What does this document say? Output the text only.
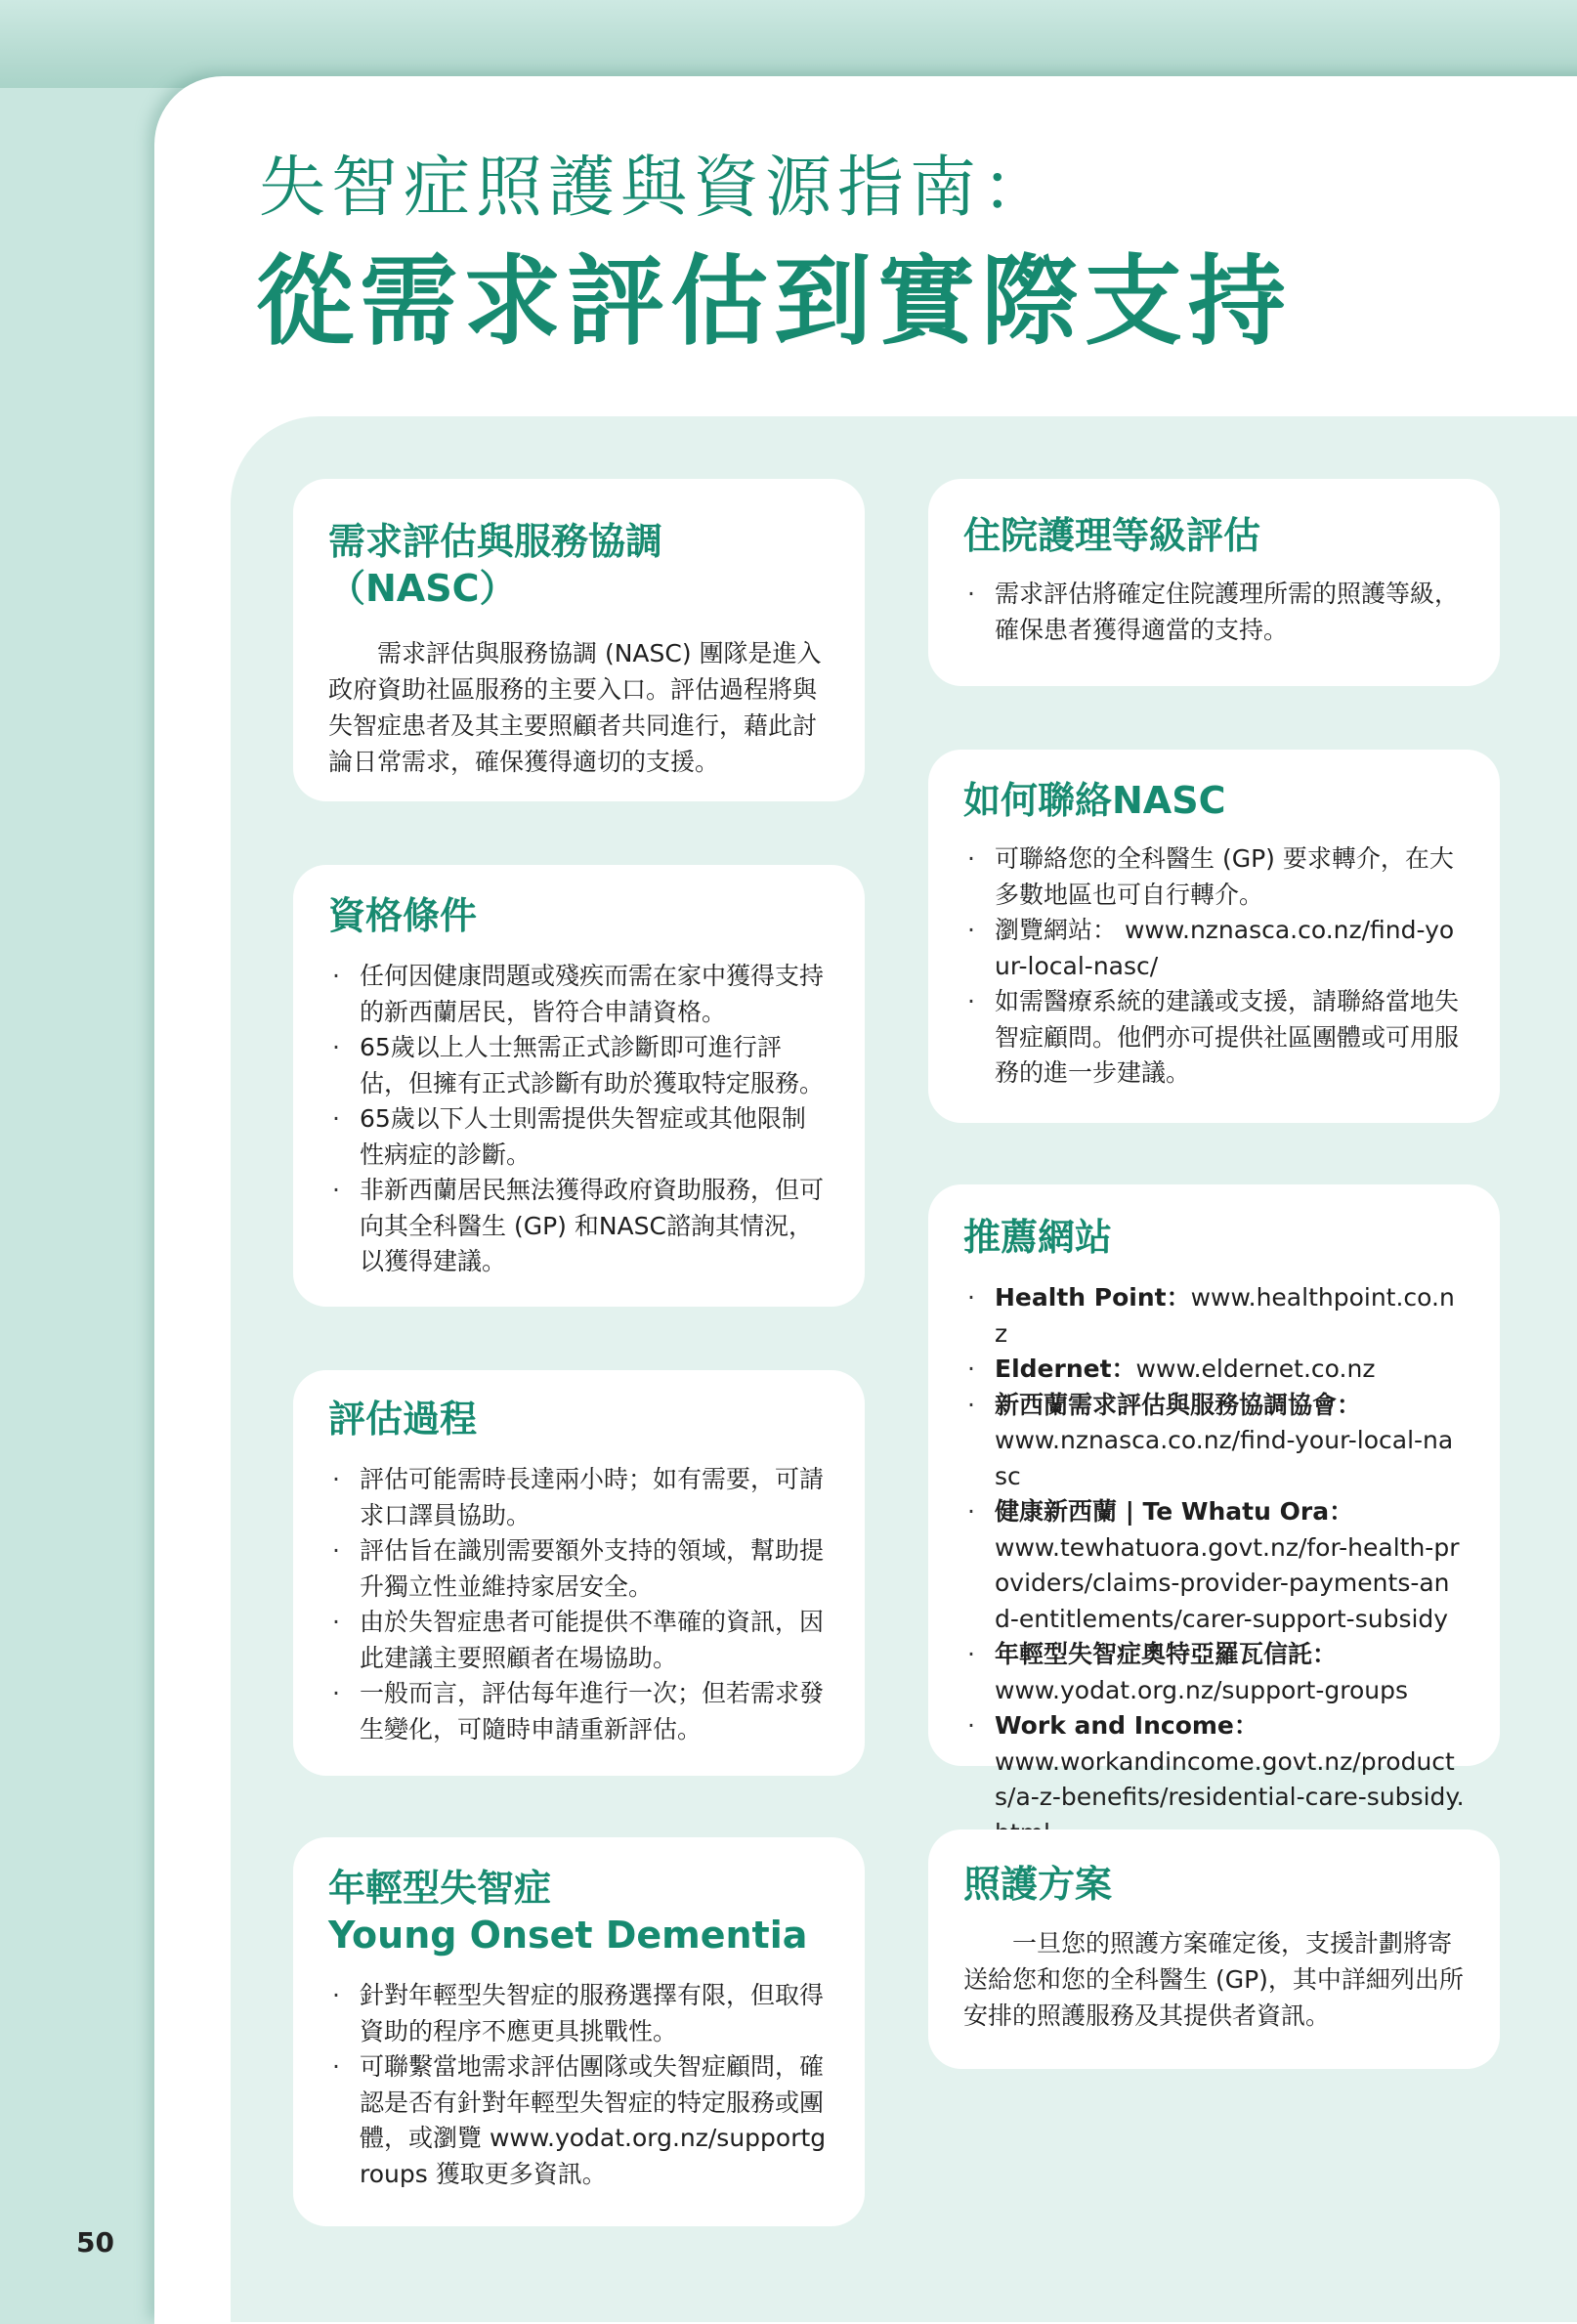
失智症照護與資源指南：
從需求評估到實際支持
需求評估與服務協調
（NASC）

需求評估與服務協調 (NASC) 團隊是進入政府資助社區服務的主要入口。評估過程將與失智症患者及其主要照顧者共同進行，藉此討論日常需求，確保獲得適切的支援。

資格條件
· 任何因健康問題或殘疾而需在家中獲得支持的新西蘭居民，皆符合申請資格。
· 65歲以上人士無需正式診斷即可進行評估，但擁有正式診斷有助於獲取特定服務。
· 65歲以下人士則需提供失智症或其他限制性病症的診斷。
· 非新西蘭居民無法獲得政府資助服務，但可向其全科醫生 (GP) 和NASC諮詢其情況，以獲得建議。
評估過程
· 評估可能需時長達兩小時；如有需要，可請求口譯員協助。
· 評估旨在識別需要額外支持的領域，幫助提升獨立性並維持家居安全。
· 由於失智症患者可能提供不準確的資訊，因此建議主要照顧者在場協助。
· 一般而言，評估每年進行一次；但若需求發生變化，可隨時申請重新評估。
年輕型失智症
Young Onset Dementia
· 針對年輕型失智症的服務選擇有限，但取得資助的程序不應更具挑戰性。
· 可聯繫當地需求評估團隊或失智症顧問，確認是否有針對年輕型失智症的特定服務或團體，或瀏覽 www.yodat.org.nz/supportgroups 獲取更多資訊。
住院護理等級評估
· 需求評估將確定住院護理所需的照護等級，確保患者獲得適當的支持。
如何聯絡NASC
· 可聯絡您的全科醫生 (GP) 要求轉介，在大多數地區也可自行轉介。
· 瀏覽網站： www.nznasca.co.nz/find-your-local-nasc/
· 如需醫療系統的建議或支援，請聯絡當地失智症顧問。他們亦可提供社區團體或可用服務的進一步建議。
推薦網站
· Health Point：www.healthpoint.co.nz
· Eldernet：www.eldernet.co.nz
· 新西蘭需求評估與服務協調協會：
www.nznasca.co.nz/find-your-local-nasc
· 健康新西蘭 | Te Whatu Ora：
www.tewhatuora.govt.nz/for-health-providers/claims-provider-payments-and-entitlements/carer-support-subsidy
· 年輕型失智症奧特亞羅瓦信託：
www.yodat.org.nz/support-groups
· Work and Income：
www.workandincome.govt.nz/products/a-z-benefits/residential-care-subsidy.
照護方案

一旦您的照護方案確定後，支援計劃將寄送給您和您的全科醫生 (GP)，其中詳細列出所安排的照護服務及其提供者資訊。

50
